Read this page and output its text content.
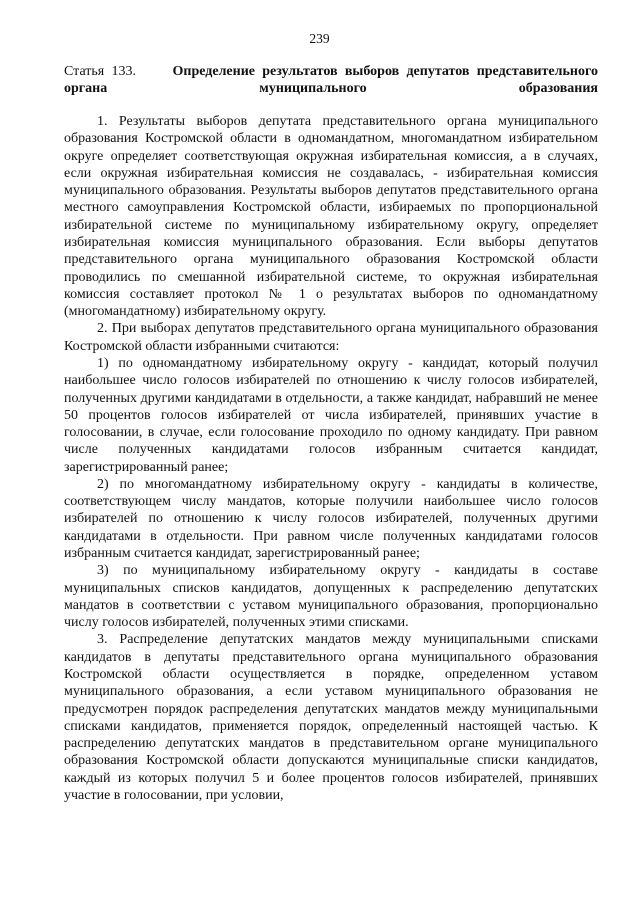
239
Статья 133.	Определение результатов выборов депутатов представительного органа муниципального образования

1. Результаты выборов депутата представительного органа муниципального образования Костромской области в одномандатном, многомандатном избирательном округе определяет соответствующая окружная избирательная комиссия, а в случаях, если окружная избирательная комиссия не создавалась, - избирательная комиссия муниципального образования. Результаты выборов депутатов представительного органа местного самоуправления Костромской области, избираемых по пропорциональной избирательной системе по муниципальному избирательному округу, определяет избирательная комиссия муниципального образования. Если выборы депутатов представительного органа муниципального образования Костромской области проводились по смешанной избирательной системе, то окружная избирательная комиссия составляет протокол № 1 о результатах выборов по одномандатному (многомандатному) избирательному округу.

2. При выборах депутатов представительного органа муниципального образования Костромской области избранными считаются:

1) по одномандатному избирательному округу - кандидат, который получил наибольшее число голосов избирателей по отношению к числу голосов избирателей, полученных другими кандидатами в отдельности, а также кандидат, набравший не менее 50 процентов голосов избирателей от числа избирателей, принявших участие в голосовании, в случае, если голосование проходило по одному кандидату. При равном числе полученных кандидатами голосов избранным считается кандидат, зарегистрированный ранее;

2) по многомандатному избирательному округу - кандидаты в количестве, соответствующем числу мандатов, которые получили наибольшее число голосов избирателей по отношению к числу голосов избирателей, полученных другими кандидатами в отдельности. При равном числе полученных кандидатами голосов избранным считается кандидат, зарегистрированный ранее;

3) по муниципальному избирательному округу - кандидаты в составе муниципальных списков кандидатов, допущенных к распределению депутатских мандатов в соответствии с уставом муниципального образования, пропорционально числу голосов избирателей, полученных этими списками.

3. Распределение депутатских мандатов между муниципальными списками кандидатов в депутаты представительного органа муниципального образования Костромской области осуществляется в порядке, определенном уставом муниципального образования, а если уставом муниципального образования не предусмотрен порядок распределения депутатских мандатов между муниципальными списками кандидатов, применяется порядок, определенный настоящей частью. К распределению депутатских мандатов в представительном органе муниципального образования Костромской области допускаются муниципальные списки кандидатов, каждый из которых получил 5 и более процентов голосов избирателей, принявших участие в голосовании, при условии,
